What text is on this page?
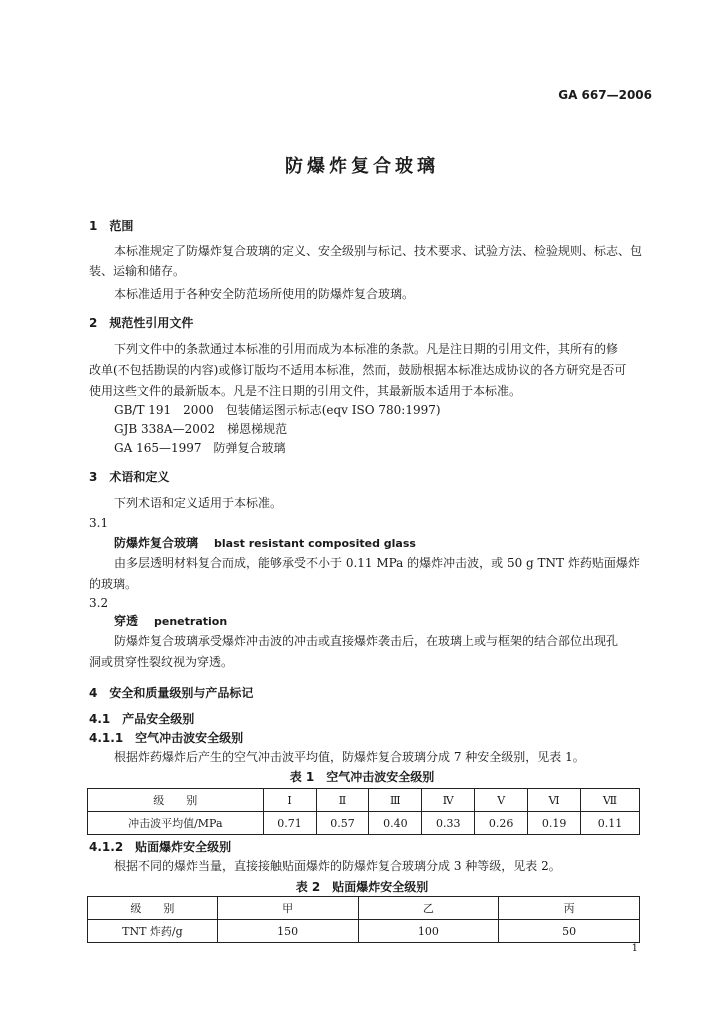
GA 667—2006
防爆炸复合玻璃
1　范围
本标准规定了防爆炸复合玻璃的定义、安全级别与标记、技术要求、试验方法、检验规则、标志、包
装、运输和储存。
本标准适用于各种安全防范场所使用的防爆炸复合玻璃。
2　规范性引用文件
下列文件中的条款通过本标准的引用而成为本标准的条款。凡是注日期的引用文件，其所有的修
改单(不包括勘误的内容)或修订版均不适用本标准，然而，鼓励根据本标准达成协议的各方研究是否可
使用这些文件的最新版本。凡是不注日期的引用文件，其最新版本适用于本标准。
GB/T 191　2000　包装储运图示标志(eqv ISO 780:1997)
GJB 338A—2002　梯恩梯规范
GA 165—1997　防弹复合玻璃
3　术语和定义
下列术语和定义适用于本标准。
3.1
防爆炸复合玻璃 blast resistant composited glass
由多层透明材料复合而成，能够承受不小于 0.11 MPa 的爆炸冲击波，或 50 g TNT 炸药贴面爆炸
的玻璃。
3.2
穿透 penetration
防爆炸复合玻璃承受爆炸冲击波的冲击或直接爆炸袭击后，在玻璃上或与框架的结合部位出现孔
洞或贯穿性裂纹视为穿透。
4　安全和质量级别与产品标记
4.1　产品安全级别
4.1.1　空气冲击波安全级别
根据炸药爆炸后产生的空气冲击波平均值，防爆炸复合玻璃分成 7 种安全级别，见表 1。
表 1　空气冲击波安全级别
级　　别	Ⅰ	Ⅱ	Ⅲ	Ⅳ	Ⅴ	Ⅵ	Ⅶ
冲击波平均值/MPa	0.71	0.57	0.40	0.33	0.26	0.19	0.11
4.1.2　贴面爆炸安全级别
根据不同的爆炸当量，直接接触贴面爆炸的防爆炸复合玻璃分成 3 种等级，见表 2。
表 2　贴面爆炸安全级别
级　　别	甲	乙	丙
TNT 炸药/g	150	100	50
1
